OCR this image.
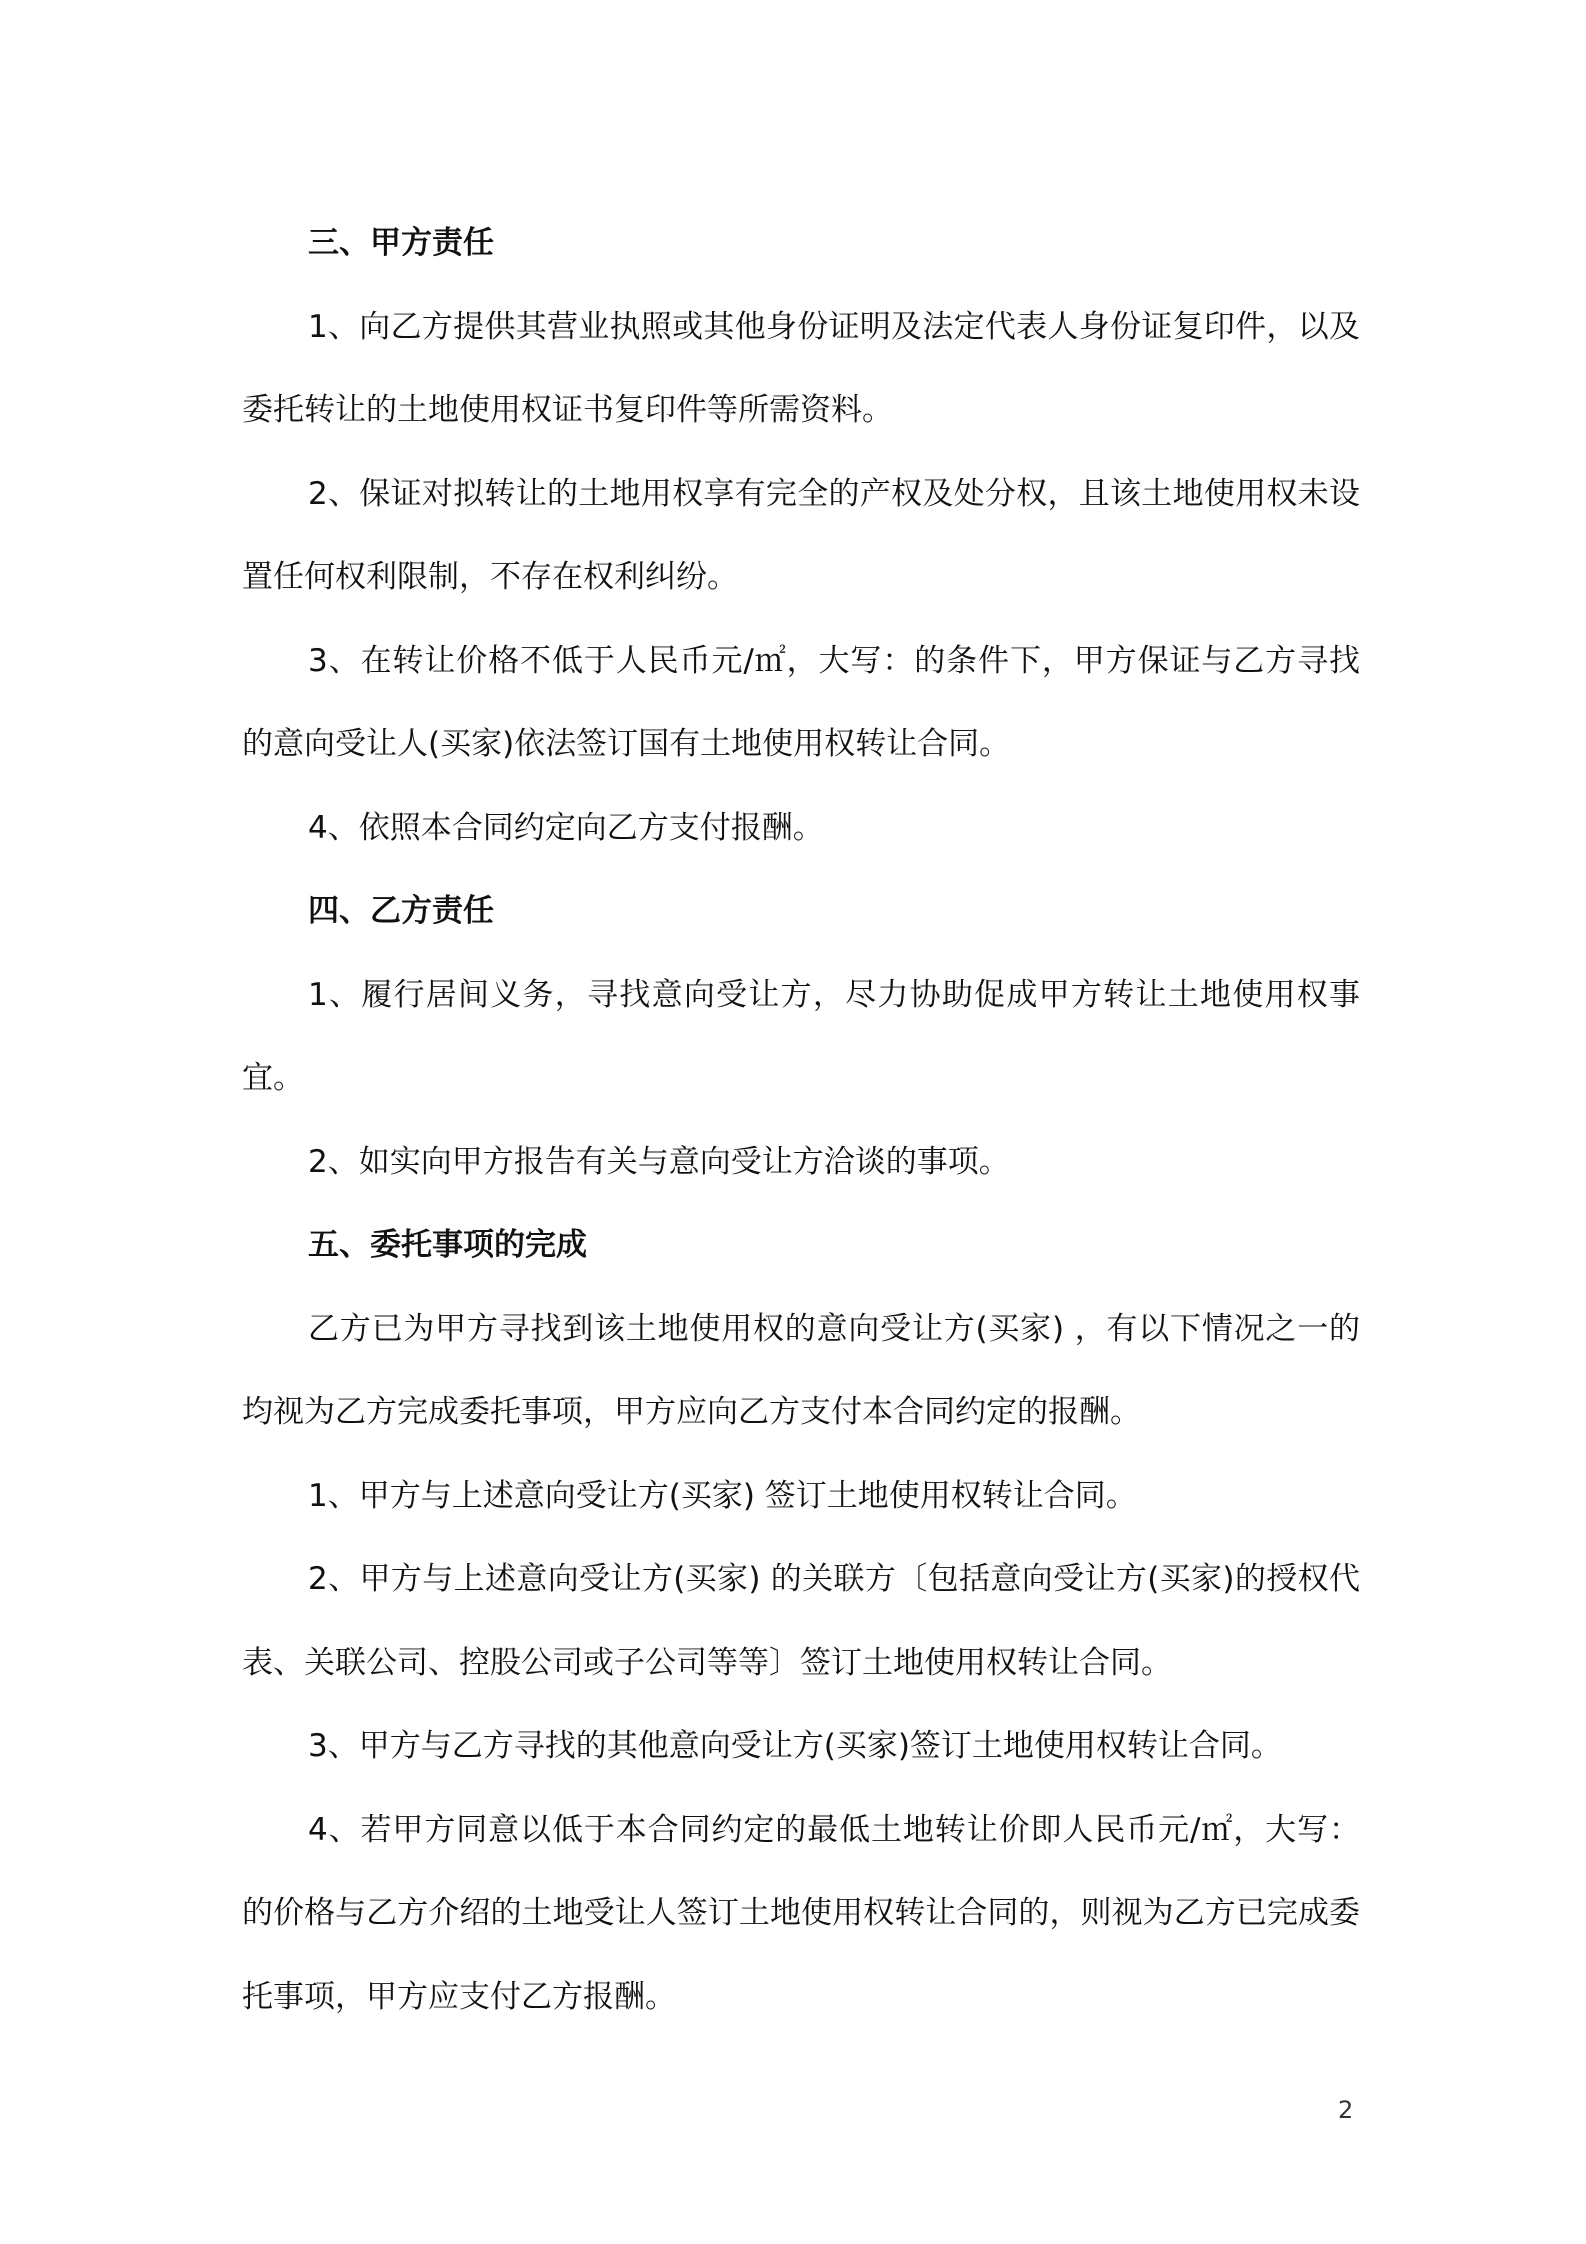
三、甲方责任
1、向乙方提供其营业执照或其他身份证明及法定代表人身份证复印件，以及委托转让的土地使用权证书复印件等所需资料。
2、保证对拟转让的土地用权享有完全的产权及处分权，且该土地使用权未设置任何权利限制，不存在权利纠纷。
3、在转让价格不低于人民币元/㎡，大写：的条件下，甲方保证与乙方寻找的意向受让人(买家)依法签订国有土地使用权转让合同。
4、依照本合同约定向乙方支付报酬。
四、乙方责任
1、履行居间义务，寻找意向受让方，尽力协助促成甲方转让土地使用权事宜。
2、如实向甲方报告有关与意向受让方洽谈的事项。
五、委托事项的完成
乙方已为甲方寻找到该土地使用权的意向受让方(买家) ，有以下情况之一的均视为乙方完成委托事项，甲方应向乙方支付本合同约定的报酬。
1、甲方与上述意向受让方(买家) 签订土地使用权转让合同。
2、甲方与上述意向受让方(买家) 的关联方〔包括意向受让方(买家)的授权代表、关联公司、控股公司或子公司等等〕签订土地使用权转让合同。
3、甲方与乙方寻找的其他意向受让方(买家)签订土地使用权转让合同。
4、若甲方同意以低于本合同约定的最低土地转让价即人民币元/㎡，大写：的价格与乙方介绍的土地受让人签订土地使用权转让合同的，则视为乙方已完成委托事项，甲方应支付乙方报酬。
2
